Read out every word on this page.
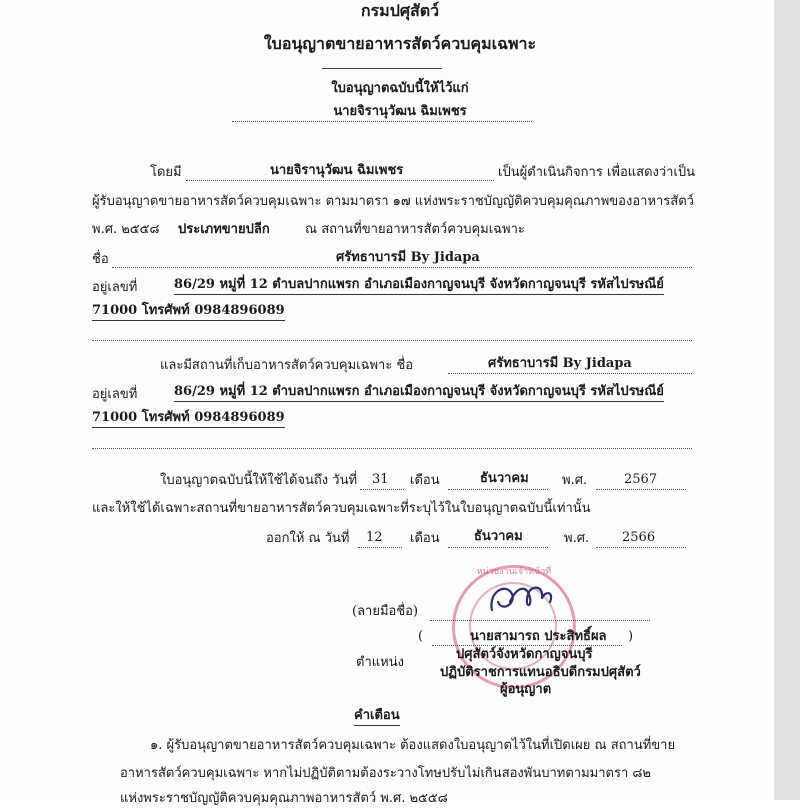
กรมปศุสัตว์
ใบอนุญาตขายอาหารสัตว์ควบคุมเฉพาะ
ใบอนุญาตฉบับนี้ให้ไว้แก่
นายจิรานุวัฒน ฉิมเพชร
โดยมี	นายจิรานุวัฒน ฉิมเพชร	เป็นผู้ดำเนินกิจการ เพื่อแสดงว่าเป็น
ผู้รับอนุญาตขายอาหารสัตว์ควบคุมเฉพาะ ตามมาตรา ๑๗ แห่งพระราชบัญญัติควบคุมคุณภาพของอาหารสัตว์
พ.ศ. ๒๕๕๘ ประเภทขายปลีก	ณ สถานที่ขายอาหารสัตว์ควบคุมเฉพาะ
ชื่อ	ศรัทธาบารมี By Jidapa
อยู่เลขที่	86/29 หมู่ที่ 12 ตำบลปากแพรก อำเภอเมืองกาญจนบุรี จังหวัดกาญจนบุรี รหัสไปรษณีย์
71000 โทรศัพท์ 0984896089
และมีสถานที่เก็บอาหารสัตว์ควบคุมเฉพาะ ชื่อ	ศรัทธาบารมี By Jidapa
อยู่เลขที่	86/29 หมู่ที่ 12 ตำบลปากแพรก อำเภอเมืองกาญจนบุรี จังหวัดกาญจนบุรี รหัสไปรษณีย์
71000 โทรศัพท์ 0984896089
ใบอนุญาตฉบับนี้ให้ใช้ได้จนถึง วันที่ 31 เดือน	ธันวาคม	พ.ศ.	2567
และให้ใช้ได้เฉพาะสถานที่ขายอาหารสัตว์ควบคุมเฉพาะที่ระบุไว้ในใบอนุญาตฉบับนี้เท่านั้น
ออกให้ ณ วันที่ 12 เดือน	ธันวาคม	พ.ศ.	2566
หน่วยงานเจ้าหน้าที่
(ลายมือชื่อ)
(	นายสามารถ ประสิทธิ์ผล )
ตำแหน่ง
ปศุสัตว์จังหวัดกาญจนบุรี
ปฏิบัติราชการแทนอธิบดีกรมปศุสัตว์
ผู้อนุญาต
คำเตือน
๑. ผู้รับอนุญาตขายอาหารสัตว์ควบคุมเฉพาะ ต้องแสดงใบอนุญาตไว้ในที่เปิดเผย ณ สถานที่ขาย
อาหารสัตว์ควบคุมเฉพาะ หากไม่ปฏิบัติตามต้องระวางโทษปรับไม่เกินสองพันบาทตามมาตรา ๘๒
แห่งพระราชบัญญัติควบคุมคุณภาพอาหารสัตว์ พ.ศ. ๒๕๕๘
